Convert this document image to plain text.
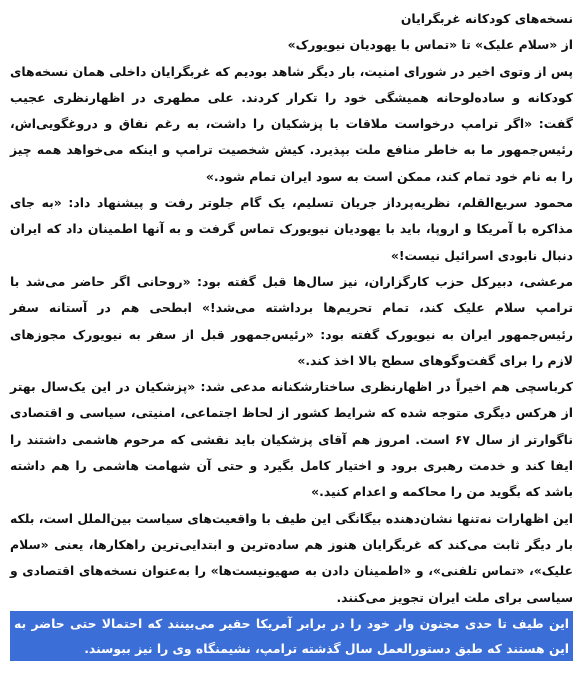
نسخه‌های کودکانه غربگرایان
از «سلام علیک» تا «تماس با یهودیان نیویورک»

پس از وتوی اخیر در شورای امنیت، بار دیگر شاهد بودیم که غربگرایان داخلی همان نسخه‌های کودکانه و ساده‌لوحانه همیشگی خود را تکرار کردند. علی مطهری در اظهارنظری عجیب گفت: «اگر ترامپ درخواست ملاقات با پزشکیان را داشت، به رغم نفاق و دروغگویی‌اش، رئیس‌جمهور ما به خاطر منافع ملت بپذیرد. کیش شخصیت ترامپ و اینکه می‌خواهد همه چیز را به نام خود تمام کند، ممکن است به سود ایران تمام شود.»

محمود سریع‌القلم، نظریه‌پرداز جریان تسلیم، یک گام جلوتر رفت و پیشنهاد داد: «به جای مذاکره با آمریکا و اروپا، باید با یهودیان نیویورک تماس گرفت و به آنها اطمینان داد که ایران دنبال نابودی اسرائیل نیست!»

مرعشی، دبیرکل حزب کارگزاران، نیز سال‌ها قبل گفته بود: «روحانی اگر حاضر می‌شد با ترامپ سلام علیک کند، تمام تحریم‌ها برداشته می‌شد!» ابطحی هم در آستانه سفر رئیس‌جمهور ایران به نیویورک گفته بود: «رئیس‌جمهور قبل از سفر به نیویورک مجوزهای لازم را برای گفت‌وگوهای سطح بالا اخذ کند.»

کرباسچی هم اخیراً در اظهارنظری ساختارشکنانه مدعی شد: «پزشکیان در این یک‌سال بهتر از هرکس دیگری متوجه شده که شرایط کشور از لحاظ اجتماعی، امنیتی، سیاسی و اقتصادی ناگوارتر از سال ۶۷ است. امروز هم آقای پزشکیان باید نقشی که مرحوم هاشمی داشتند را ایفا کند و خدمت رهبری برود و اختیار کامل بگیرد و حتی آن شهامت هاشمی را هم داشته باشد که بگوید من را محاکمه و اعدام کنید.»

این اظهارات نه‌تنها نشان‌دهنده بیگانگی این طیف با واقعیت‌های سیاست بین‌الملل است، بلکه بار دیگر ثابت می‌کند که غربگرایان هنوز هم ساده‌ترین و ابتدایی‌ترین راهکارها، یعنی «سلام علیک»، «تماس تلفنی»، و «اطمینان دادن به صهیونیست‌ها» را به‌عنوان نسخه‌های اقتصادی و سیاسی برای ملت ایران تجویز می‌کنند.

این طیف تا حدی مجنون وار خود را در برابر آمریکا حقیر می‌بینند که احتمالا حتی حاضر به این هستند که طبق دستورالعمل سال گذشته ترامپ، نشیمنگاه وی را نیز ببوسند.
